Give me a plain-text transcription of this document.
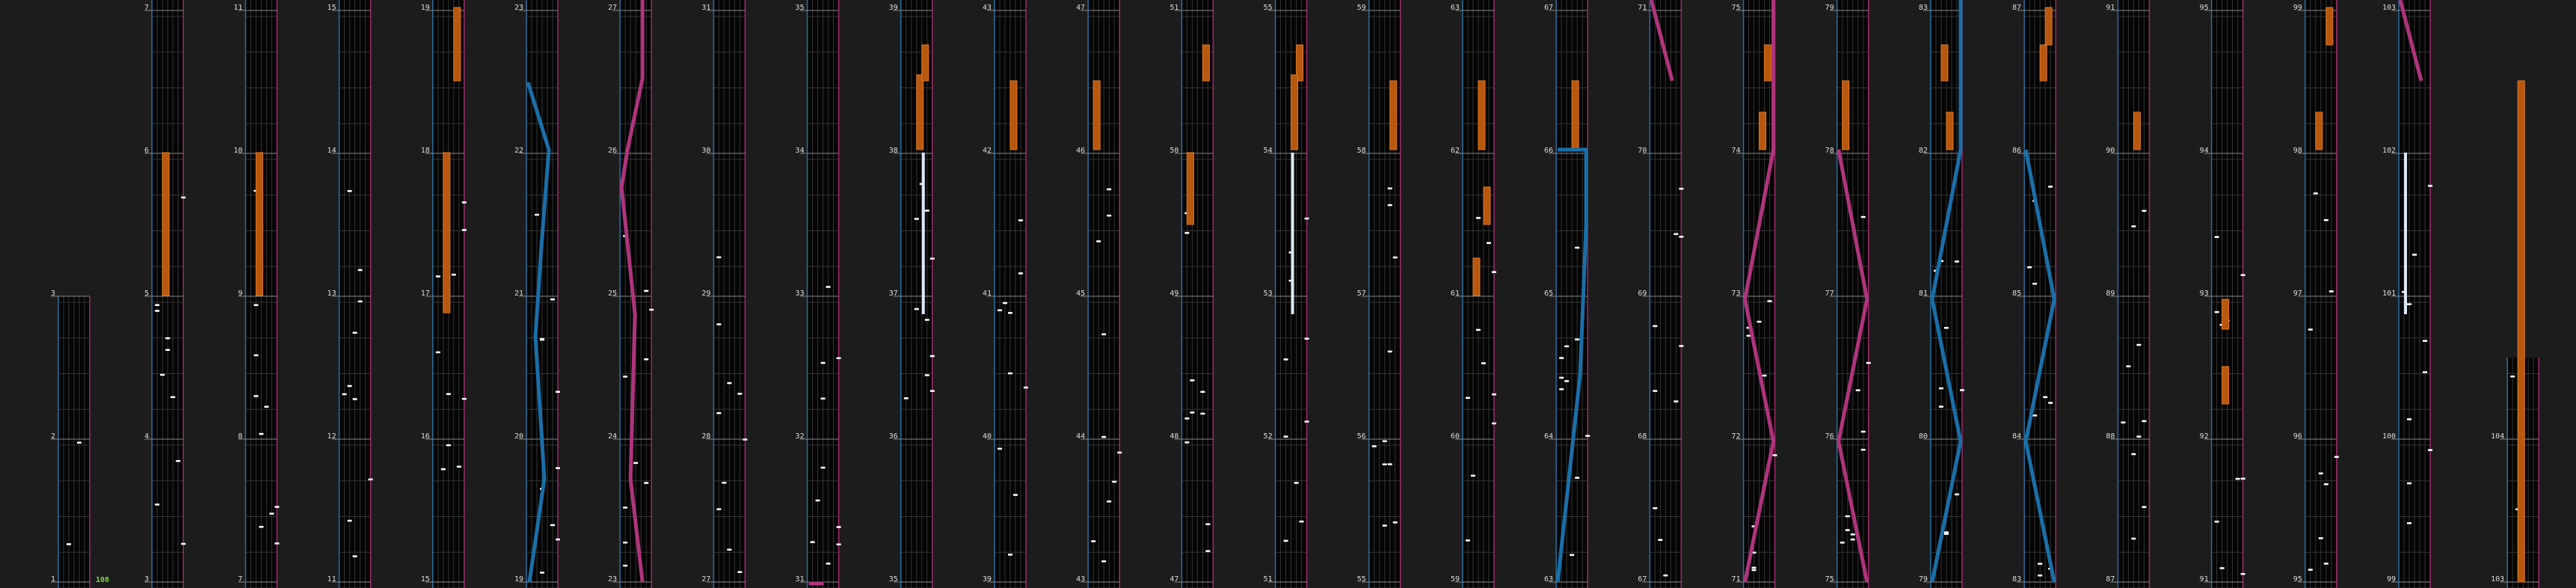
1
2
3
3
4
5
6
7
7
8
9
10
11
11
12
13
14
15
15
16
17
18
19
19
20
21
22
23
23
24
25
26
27
27
28
29
30
31
31
32
33
34
35
35
36
37
38
39
39
40
41
42
43
43
44
45
46
47
47
48
49
50
51
51
52
53
54
55
55
56
57
58
59
59
60
61
62
63
63
64
65
66
67
67
68
69
70
71
71
72
73
74
75
75
76
77
78
79
79
80
81
82
83
83
84
85
86
87
87
88
89
90
91
91
92
93
94
95
95
96
97
98
99
99
100
101
102
103
103
104
108
